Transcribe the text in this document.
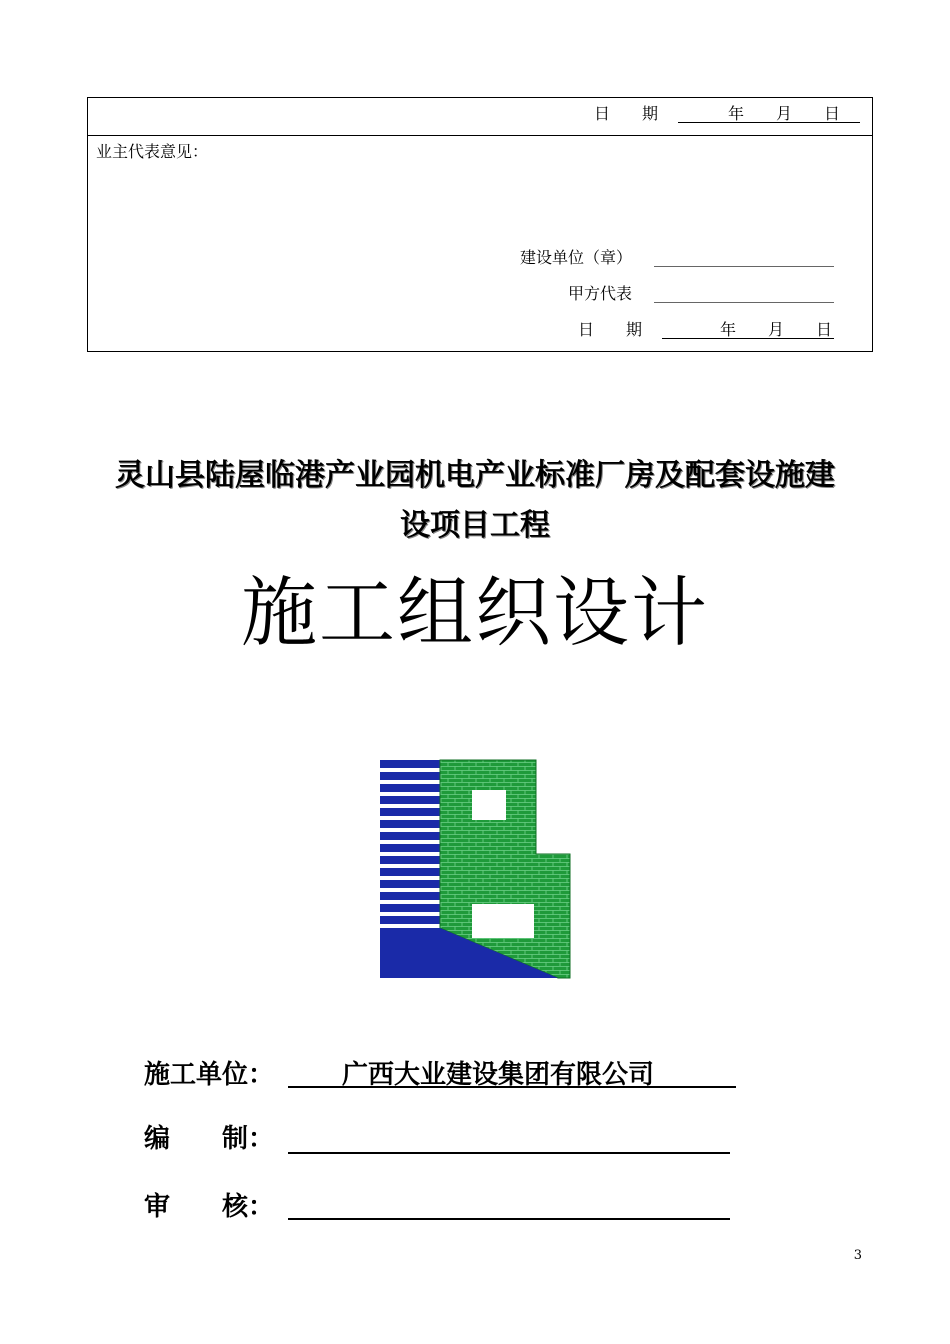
日　　期	年 月 日
业主代表意见：
建设单位（章）
甲方代表
日　　期	年 月 日
灵山县陆屋临港产业园机电产业标准厂房及配套设施建
设项目工程
施工组织设计
施工单位：	广西大业建设集团有限公司
编　　制：
审　　核：
3
